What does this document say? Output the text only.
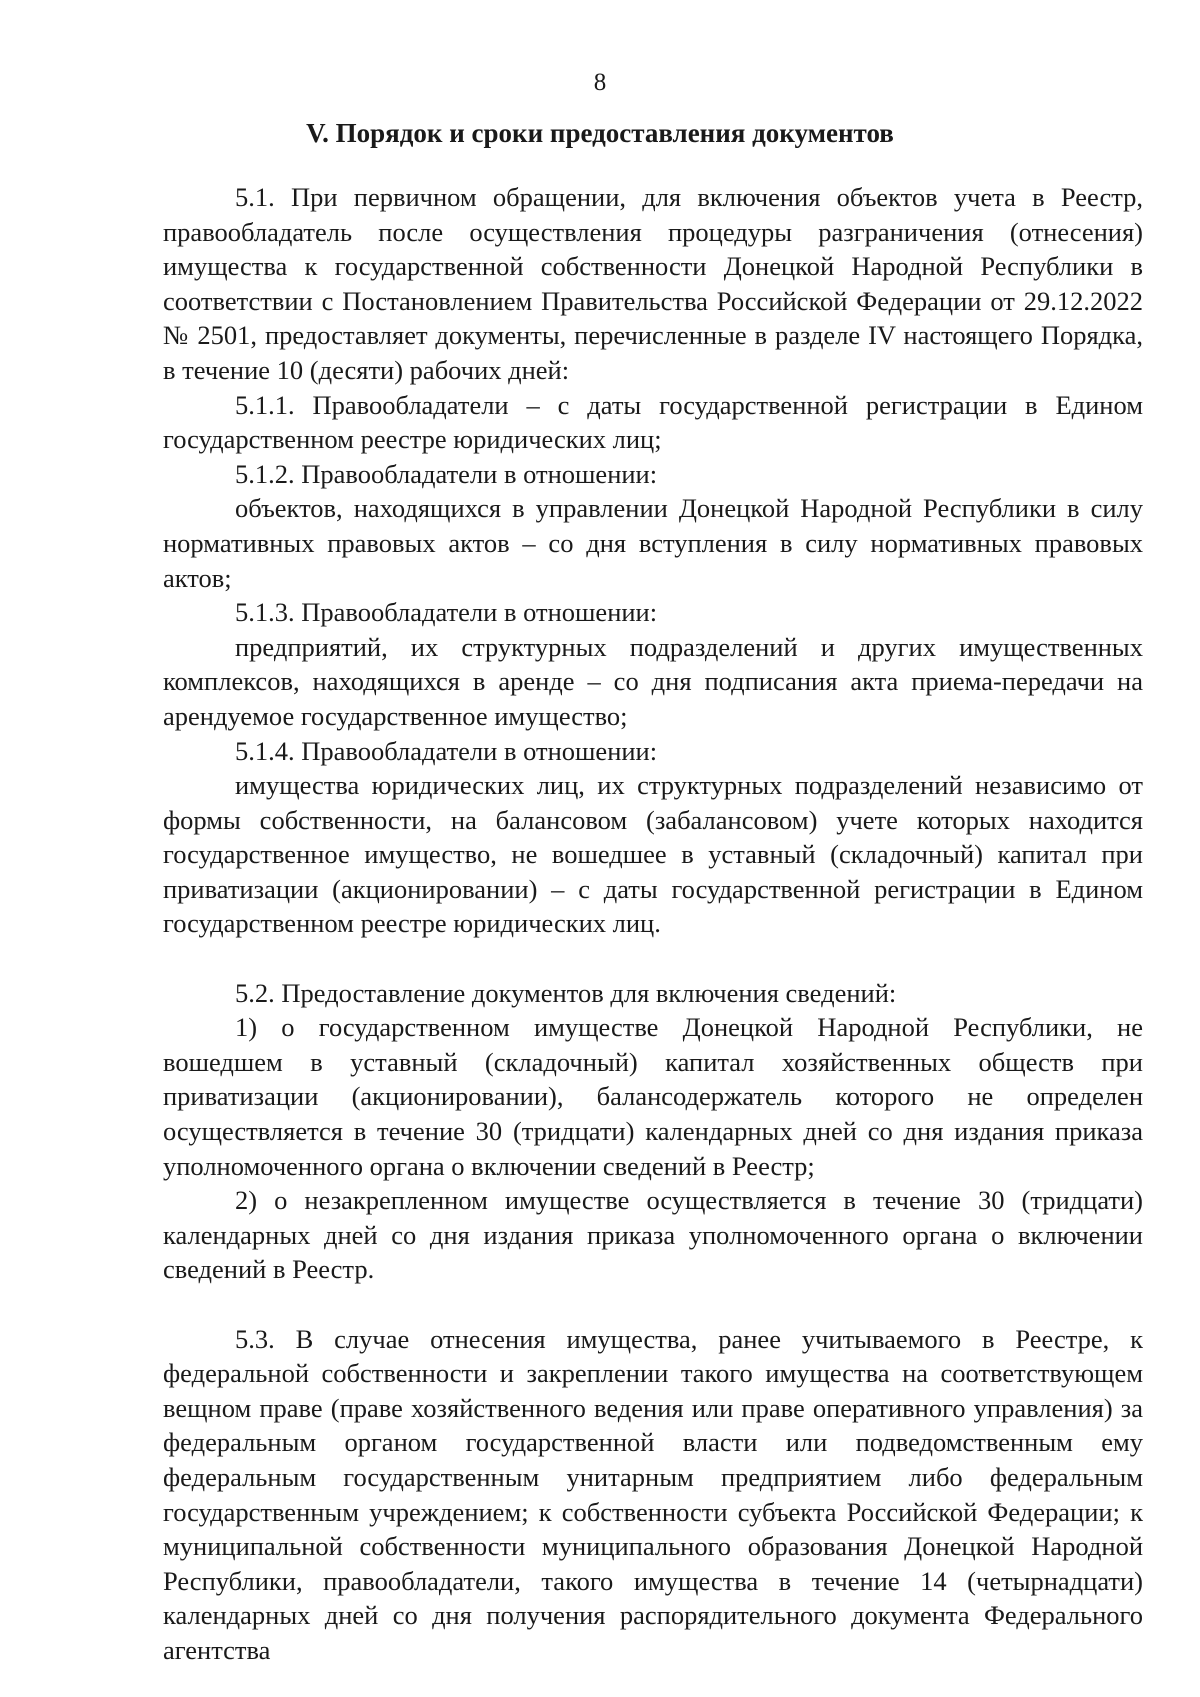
8
V. Порядок и сроки предоставления документов

5.1. При первичном обращении, для включения объектов учета в Реестр, правообладатель после осуществления процедуры разграничения (отнесения) имущества к государственной собственности Донецкой Народной Республики в соответствии с Постановлением Правительства Российской Федерации от 29.12.2022 № 2501, предоставляет документы, перечисленные в разделе IV настоящего Порядка, в течение 10 (десяти) рабочих дней:

5.1.1. Правообладатели – с даты государственной регистрации в Едином государственном реестре юридических лиц;

5.1.2. Правообладатели в отношении:

объектов, находящихся в управлении Донецкой Народной Республики в силу нормативных правовых актов – со дня вступления в силу нормативных правовых актов;

5.1.3. Правообладатели в отношении:

предприятий, их структурных подразделений и других имущественных комплексов, находящихся в аренде – со дня подписания акта приема-передачи на арендуемое государственное имущество;

5.1.4. Правообладатели в отношении:

имущества юридических лиц, их структурных подразделений независимо от формы собственности, на балансовом (забалансовом) учете которых находится государственное имущество, не вошедшее в уставный (складочный) капитал при приватизации (акционировании) – с даты государственной регистрации в Едином государственном реестре юридических лиц.

5.2. Предоставление документов для включения сведений:

1) о государственном имуществе Донецкой Народной Республики, не вошедшем в уставный (складочный) капитал хозяйственных обществ при приватизации (акционировании), балансодержатель которого не определен осуществляется в течение 30 (тридцати) календарных дней со дня издания приказа уполномоченного органа о включении сведений в Реестр;

2) о незакрепленном имуществе осуществляется в течение 30 (тридцати) календарных дней со дня издания приказа уполномоченного органа о включении сведений в Реестр.

5.3. В случае отнесения имущества, ранее учитываемого в Реестре, к федеральной собственности и закреплении такого имущества на соответствующем вещном праве (праве хозяйственного ведения или праве оперативного управления) за федеральным органом государственной власти или подведомственным ему федеральным государственным унитарным предприятием либо федеральным государственным учреждением; к собственности субъекта Российской Федерации; к муниципальной собственности муниципального образования Донецкой Народной Республики, правообладатели, такого имущества в течение 14 (четырнадцати) календарных дней со дня получения распорядительного документа Федерального агентства
